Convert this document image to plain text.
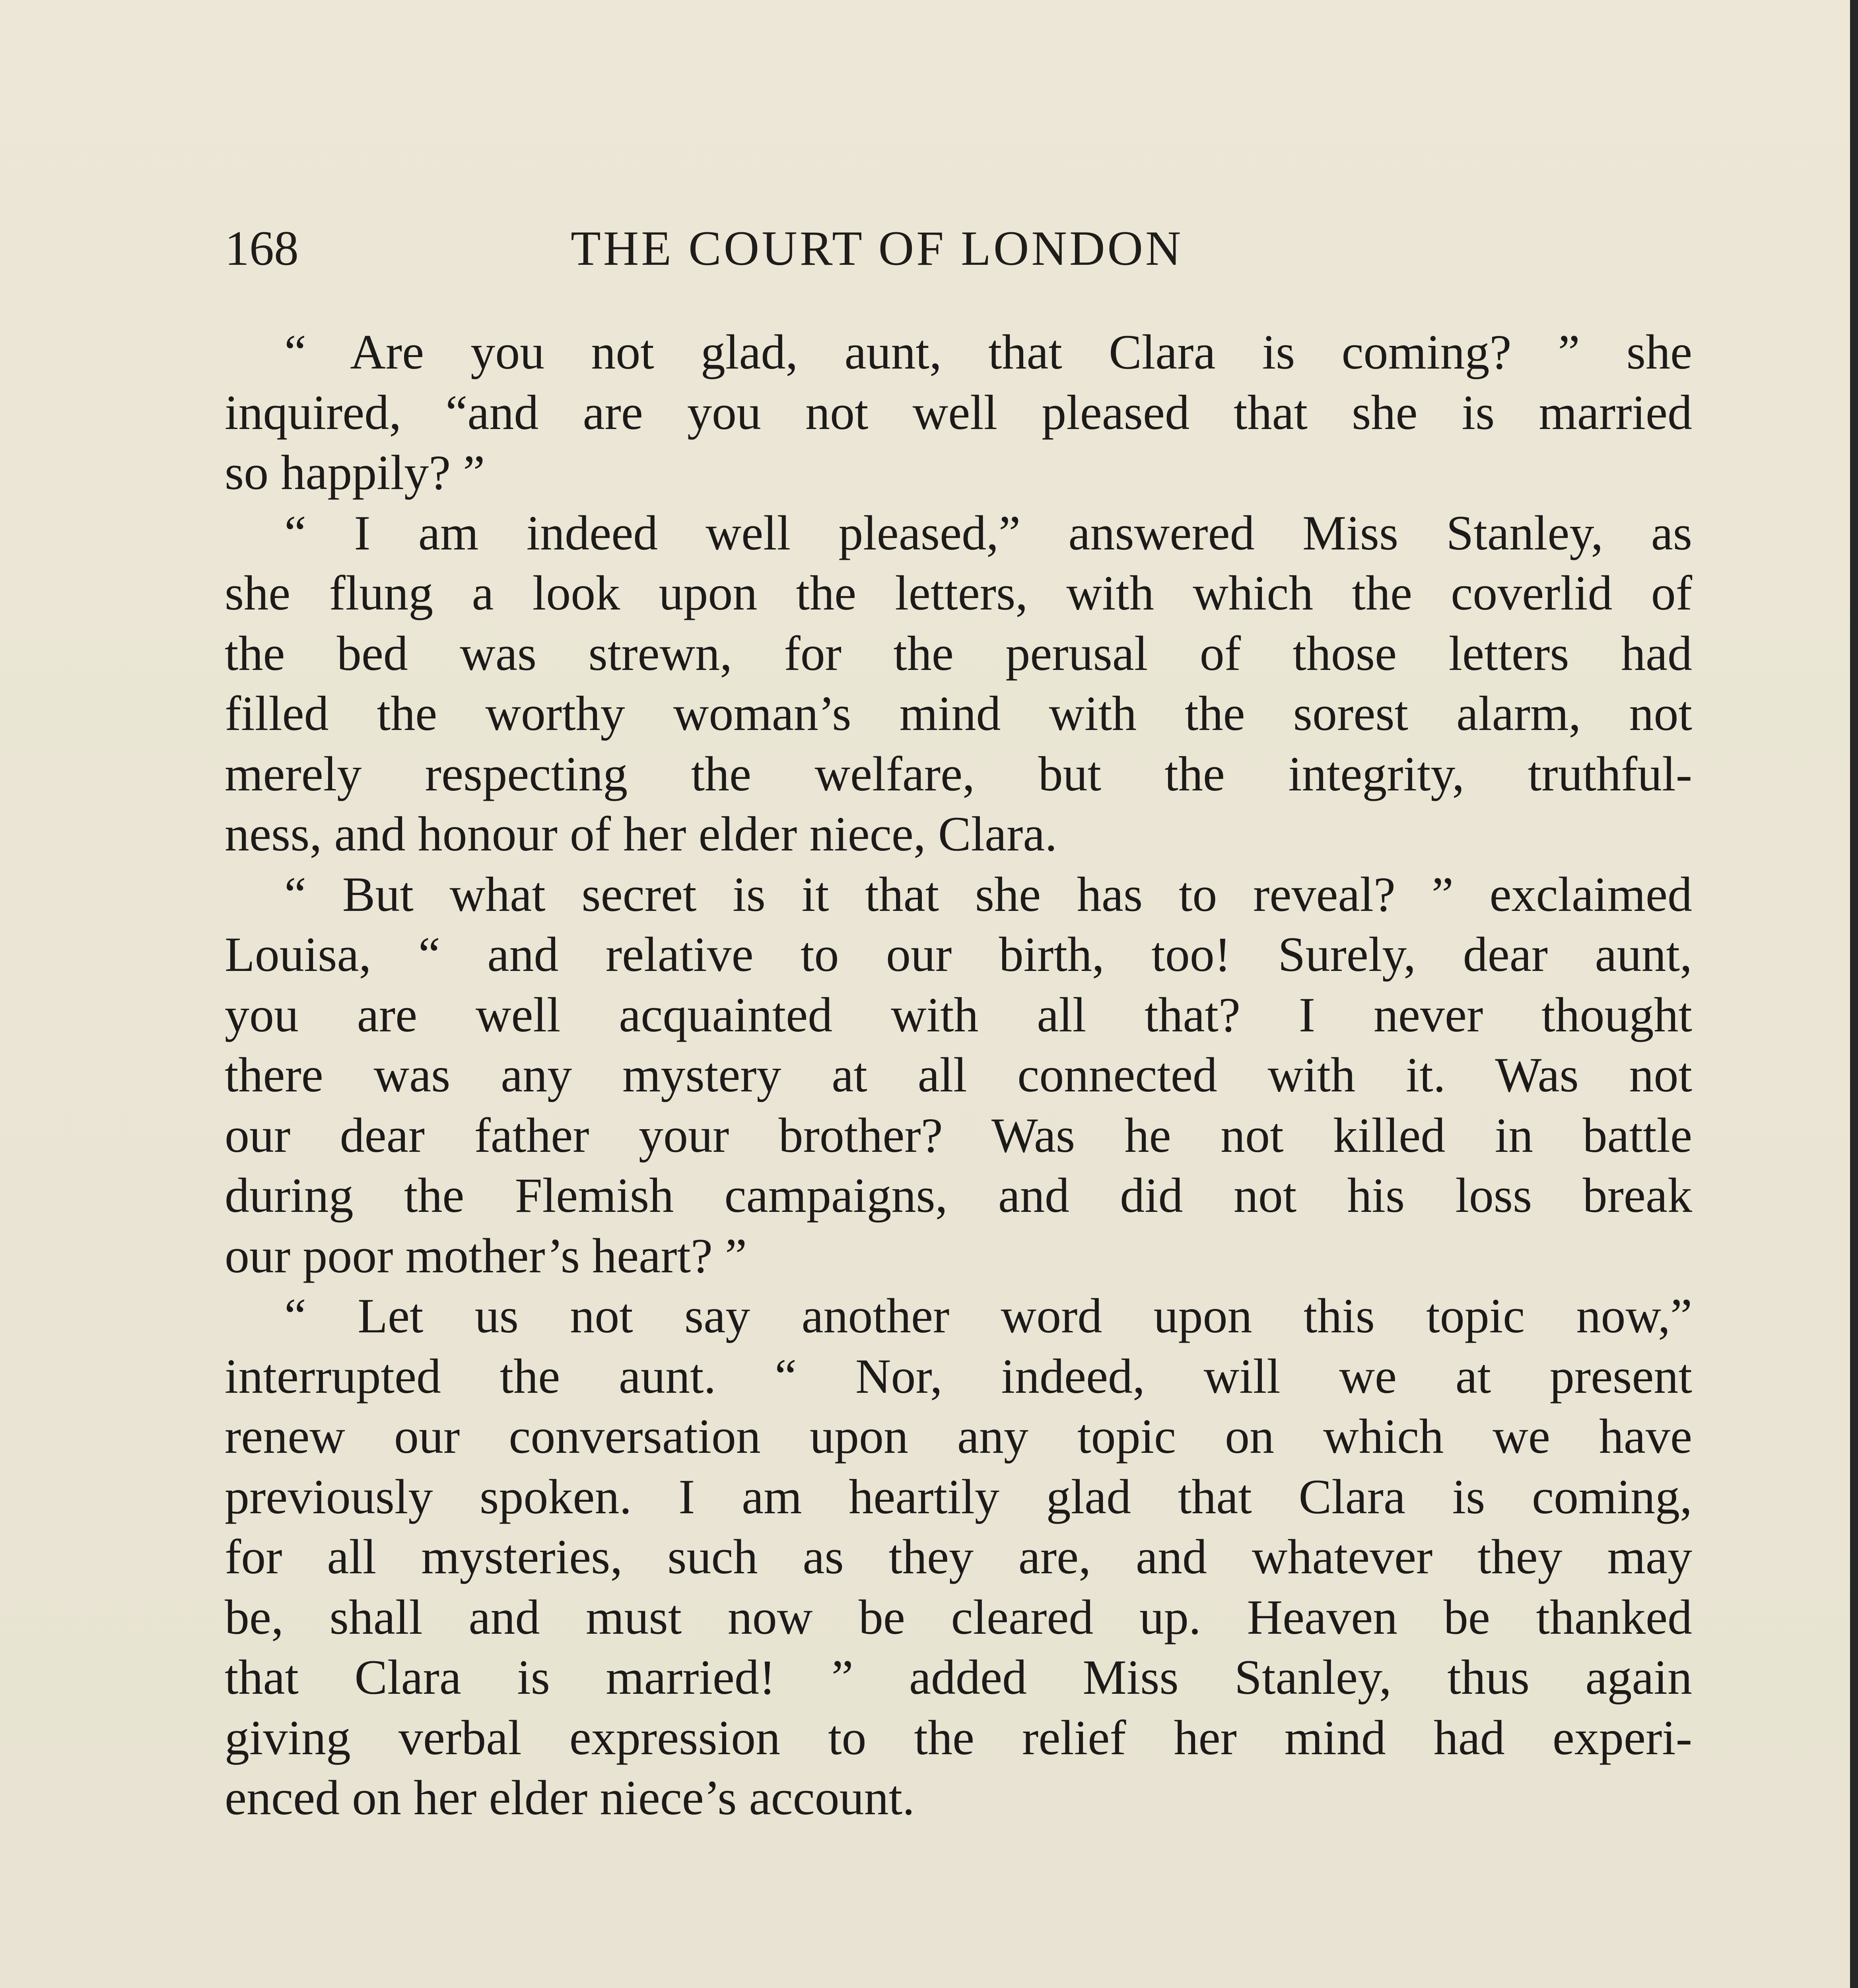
168	THE COURT OF LONDON
“ Are you not glad, aunt, that Clara is coming? ” she
inquired, “and are you not well pleased that she is married
so happily? ”
“ I am indeed well pleased,” answered Miss Stanley, as
she flung a look upon the letters, with which the coverlid of
the bed was strewn, for the perusal of those letters had
filled the worthy woman’s mind with the sorest alarm, not
merely respecting the welfare, but the integrity, truthful-
ness, and honour of her elder niece, Clara.
“ But what secret is it that she has to reveal? ” exclaimed
Louisa, “ and relative to our birth, too! Surely, dear aunt,
you are well acquainted with all that? I never thought
there was any mystery at all connected with it. Was not
our dear father your brother? Was he not killed in battle
during the Flemish campaigns, and did not his loss break
our poor mother’s heart? ”
“ Let us not say another word upon this topic now,”
interrupted the aunt. “ Nor, indeed, will we at present
renew our conversation upon any topic on which we have
previously spoken. I am heartily glad that Clara is coming,
for all mysteries, such as they are, and whatever they may
be, shall and must now be cleared up. Heaven be thanked
that Clara is married! ” added Miss Stanley, thus again
giving verbal expression to the relief her mind had experi-
enced on her elder niece’s account.
